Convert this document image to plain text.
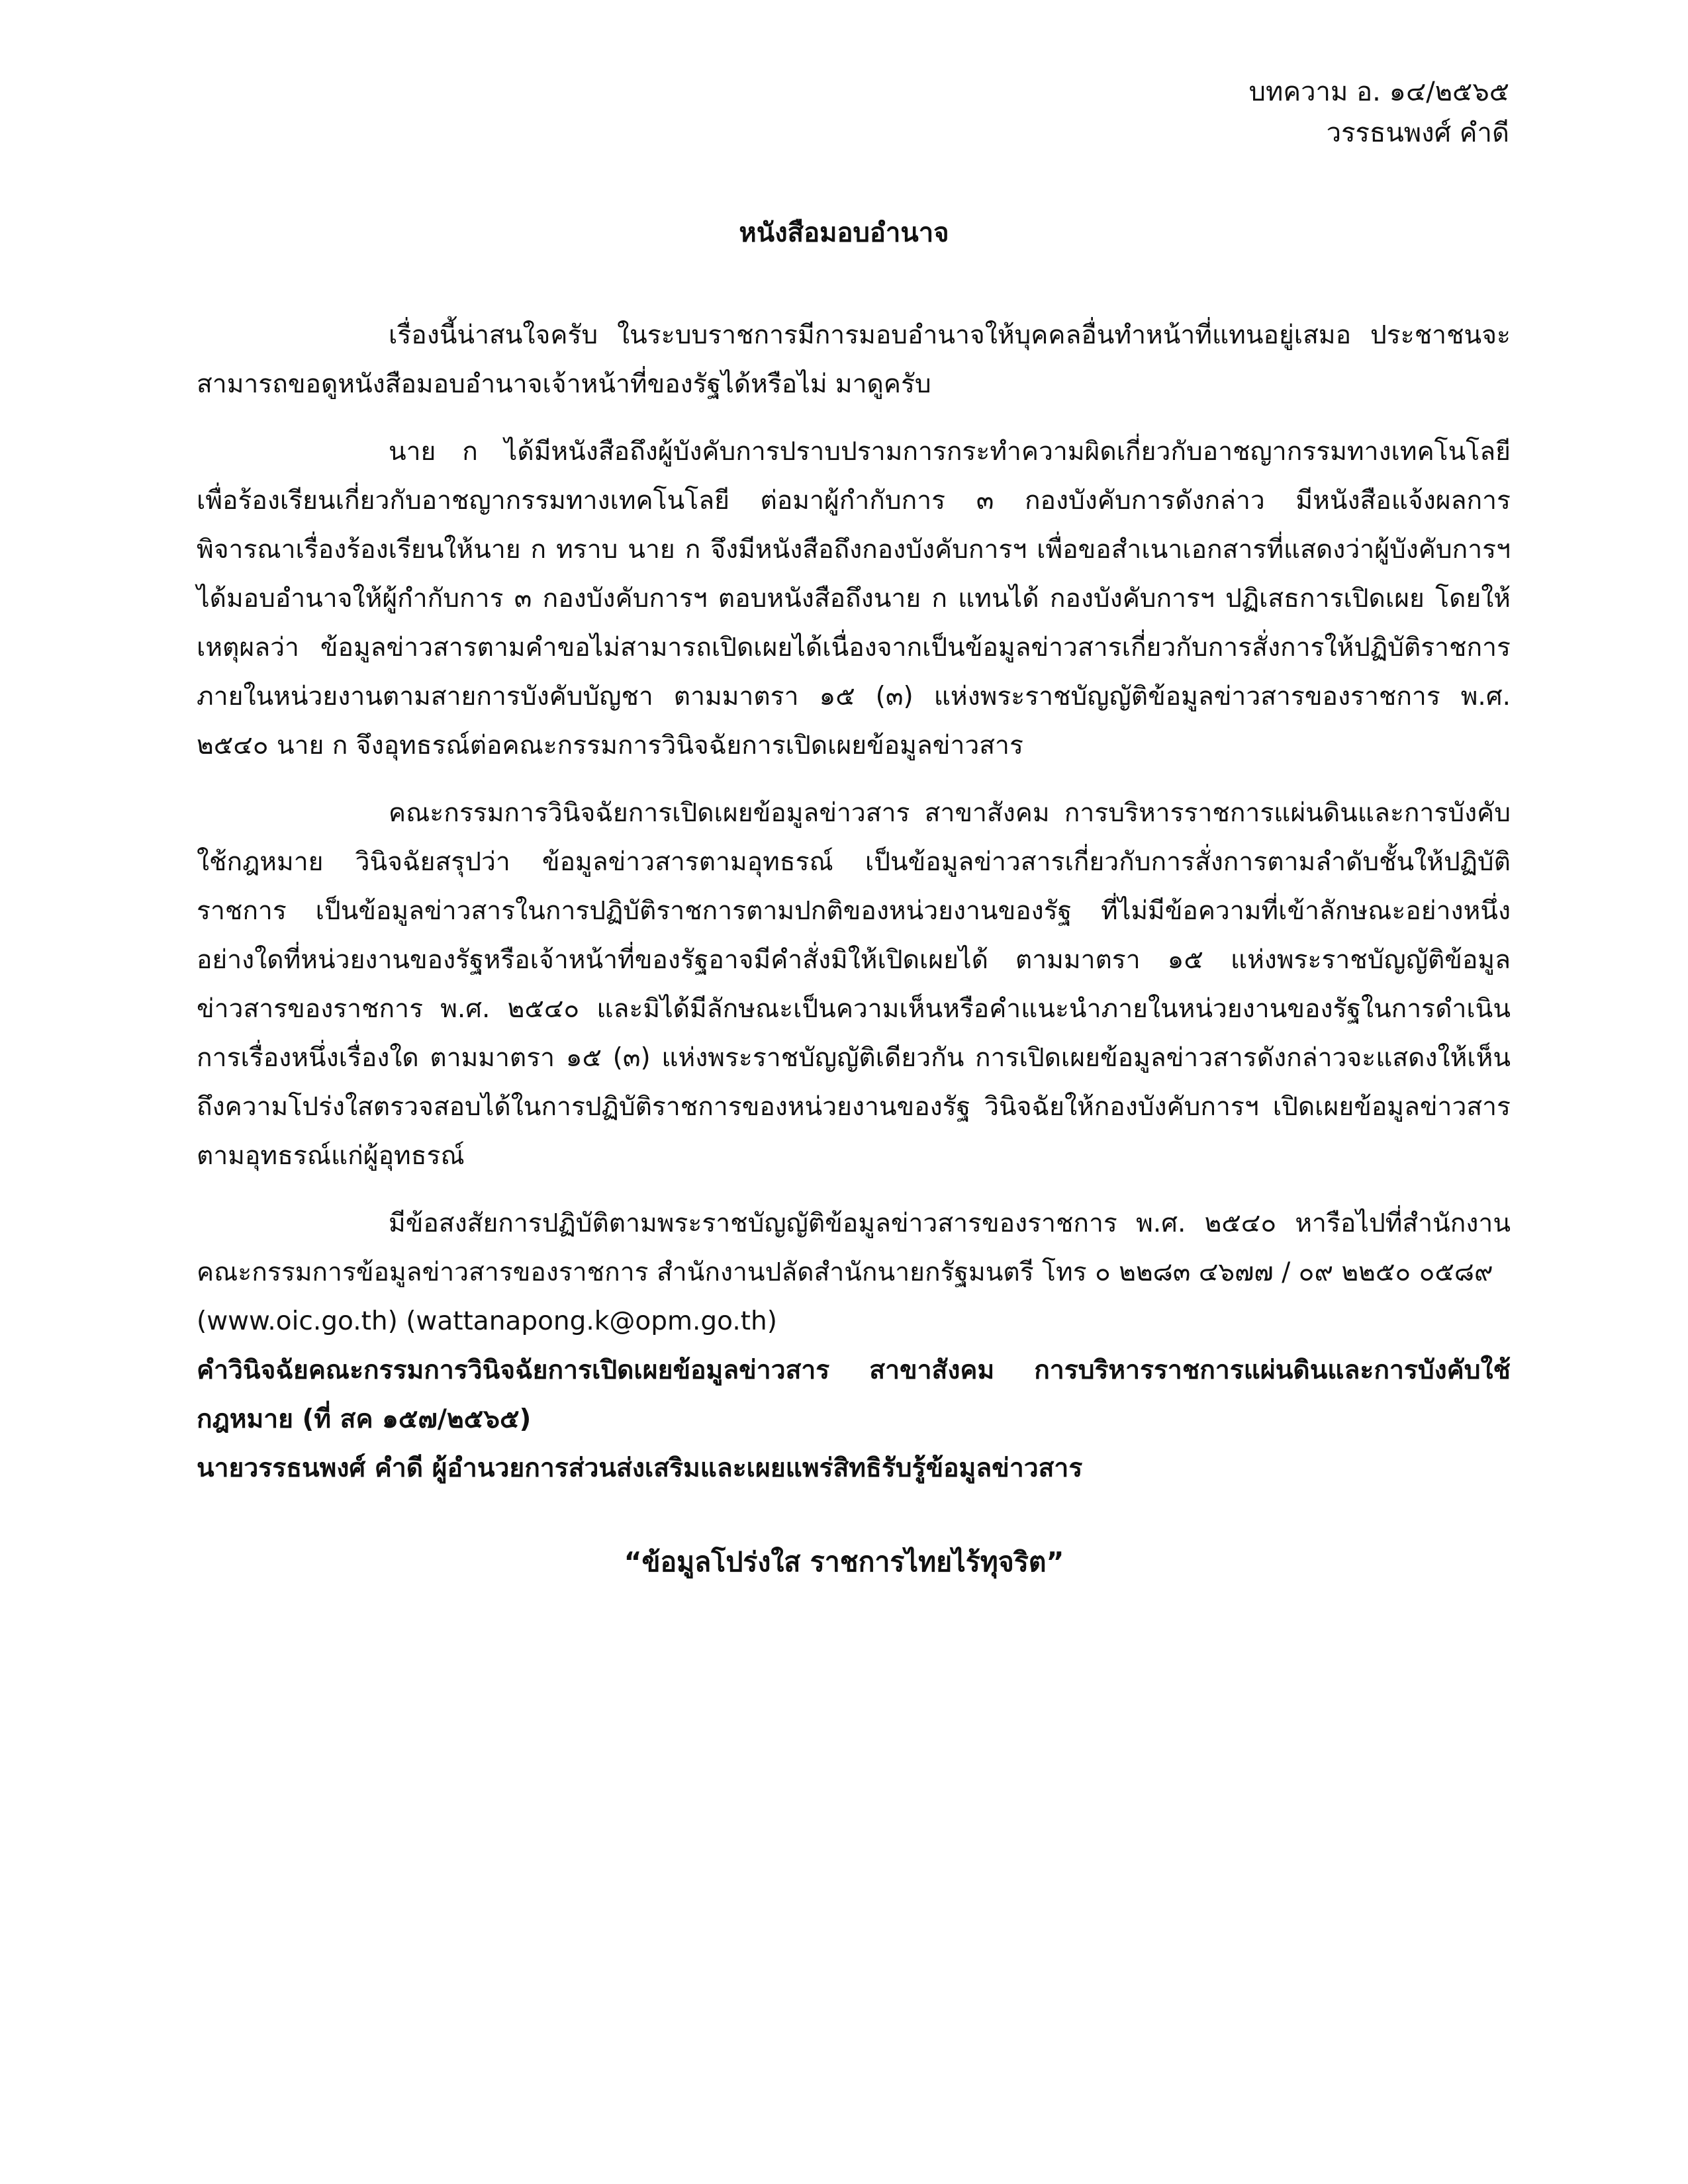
บทความ อ. ๑๔/๒๕๖๕
วรรธนพงศ์ คำดี
หนังสือมอบอำนาจ

เรื่องนี้น่าสนใจครับ ในระบบราชการมีการมอบอำนาจให้บุคคลอื่นทำหน้าที่แทนอยู่เสมอ ประชาชนจะสามารถขอดูหนังสือมอบอำนาจเจ้าหน้าที่ของรัฐได้หรือไม่ มาดูครับ

นาย ก ได้มีหนังสือถึงผู้บังคับการปราบปรามการกระทำความผิดเกี่ยวกับอาชญากรรมทางเทคโนโลยี เพื่อร้องเรียนเกี่ยวกับอาชญากรรมทางเทคโนโลยี ต่อมาผู้กำกับการ ๓ กองบังคับการดังกล่าว มีหนังสือแจ้งผลการพิจารณาเรื่องร้องเรียนให้นาย ก ทราบ นาย ก จึงมีหนังสือถึงกองบังคับการฯ เพื่อขอสำเนาเอกสารที่แสดงว่าผู้บังคับการฯ ได้มอบอำนาจให้ผู้กำกับการ ๓ กองบังคับการฯ ตอบหนังสือถึงนาย ก แทนได้ กองบังคับการฯ ปฏิเสธการเปิดเผย โดยให้เหตุผลว่า ข้อมูลข่าวสารตามคำขอไม่สามารถเปิดเผยได้เนื่องจากเป็นข้อมูลข่าวสารเกี่ยวกับการสั่งการให้ปฏิบัติราชการภายในหน่วยงานตามสายการบังคับบัญชา ตามมาตรา ๑๕ (๓) แห่งพระราชบัญญัติข้อมูลข่าวสารของราชการ พ.ศ. ๒๕๔๐ นาย ก จึงอุทธรณ์ต่อคณะกรรมการวินิจฉัยการเปิดเผยข้อมูลข่าวสาร

คณะกรรมการวินิจฉัยการเปิดเผยข้อมูลข่าวสาร สาขาสังคม การบริหารราชการแผ่นดินและการบังคับใช้กฎหมาย วินิจฉัยสรุปว่า ข้อมูลข่าวสารตามอุทธรณ์ เป็นข้อมูลข่าวสารเกี่ยวกับการสั่งการตามลำดับชั้นให้ปฏิบัติราชการ เป็นข้อมูลข่าวสารในการปฏิบัติราชการตามปกติของหน่วยงานของรัฐ ที่ไม่มีข้อความที่เข้าลักษณะอย่างหนึ่งอย่างใดที่หน่วยงานของรัฐหรือเจ้าหน้าที่ของรัฐอาจมีคำสั่งมิให้เปิดเผยได้ ตามมาตรา ๑๕ แห่งพระราชบัญญัติข้อมูลข่าวสารของราชการ พ.ศ. ๒๕๔๐ และมิได้มีลักษณะเป็นความเห็นหรือคำแนะนำภายในหน่วยงานของรัฐในการดำเนินการเรื่องหนึ่งเรื่องใด ตามมาตรา ๑๕ (๓) แห่งพระราชบัญญัติเดียวกัน การเปิดเผยข้อมูลข่าวสารดังกล่าวจะแสดงให้เห็นถึงความโปร่งใสตรวจสอบได้ในการปฏิบัติราชการของหน่วยงานของรัฐ วินิจฉัยให้กองบังคับการฯ เปิดเผยข้อมูลข่าวสารตามอุทธรณ์แก่ผู้อุทธรณ์

มีข้อสงสัยการปฏิบัติตามพระราชบัญญัติข้อมูลข่าวสารของราชการ พ.ศ. ๒๕๔๐ หารือไปที่สำนักงานคณะกรรมการข้อมูลข่าวสารของราชการ สำนักงานปลัดสำนักนายกรัฐมนตรี โทร ๐ ๒๒๘๓ ๔๖๗๗ / ๐๙ ๒๒๕๐ ๐๕๘๙

(www.oic.go.th) (wattanapong.k@opm.go.th)

คำวินิจฉัยคณะกรรมการวินิจฉัยการเปิดเผยข้อมูลข่าวสาร สาขาสังคม การบริหารราชการแผ่นดินและการบังคับใช้กฎหมาย (ที่ สค ๑๕๗/๒๕๖๕)

นายวรรธนพงศ์ คำดี ผู้อำนวยการส่วนส่งเสริมและเผยแพร่สิทธิรับรู้ข้อมูลข่าวสาร

“ข้อมูลโปร่งใส ราชการไทยไร้ทุจริต”
